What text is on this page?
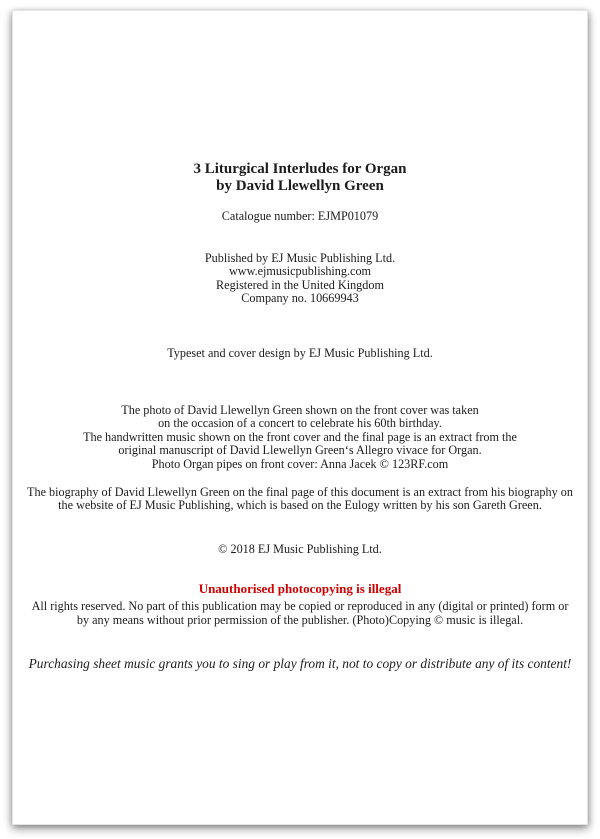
3 Liturgical Interludes for Organ
by David Llewellyn Green
Catalogue number: EJMP01079
Published by EJ Music Publishing Ltd.
www.ejmusicpublishing.com
Registered in the United Kingdom
Company no. 10669943
Typeset and cover design by EJ Music Publishing Ltd.
The photo of David Llewellyn Green shown on the front cover was taken
on the occasion of a concert to celebrate his 60th birthday.
The handwritten music shown on the front cover and the final page is an extract from the
original manuscript of David Llewellyn Green‘s Allegro vivace for Organ.
Photo Organ pipes on front cover: Anna Jacek © 123RF.com
The biography of David Llewellyn Green on the final page of this document is an extract from his biography on
the website of EJ Music Publishing, which is based on the Eulogy written by his son Gareth Green.
© 2018 EJ Music Publishing Ltd.
Unauthorised photocopying is illegal
All rights reserved. No part of this publication may be copied or reproduced in any (digital or printed) form or
by any means without prior permission of the publisher. (Photo)Copying © music is illegal.
Purchasing sheet music grants you to sing or play from it, not to copy or distribute any of its content!
